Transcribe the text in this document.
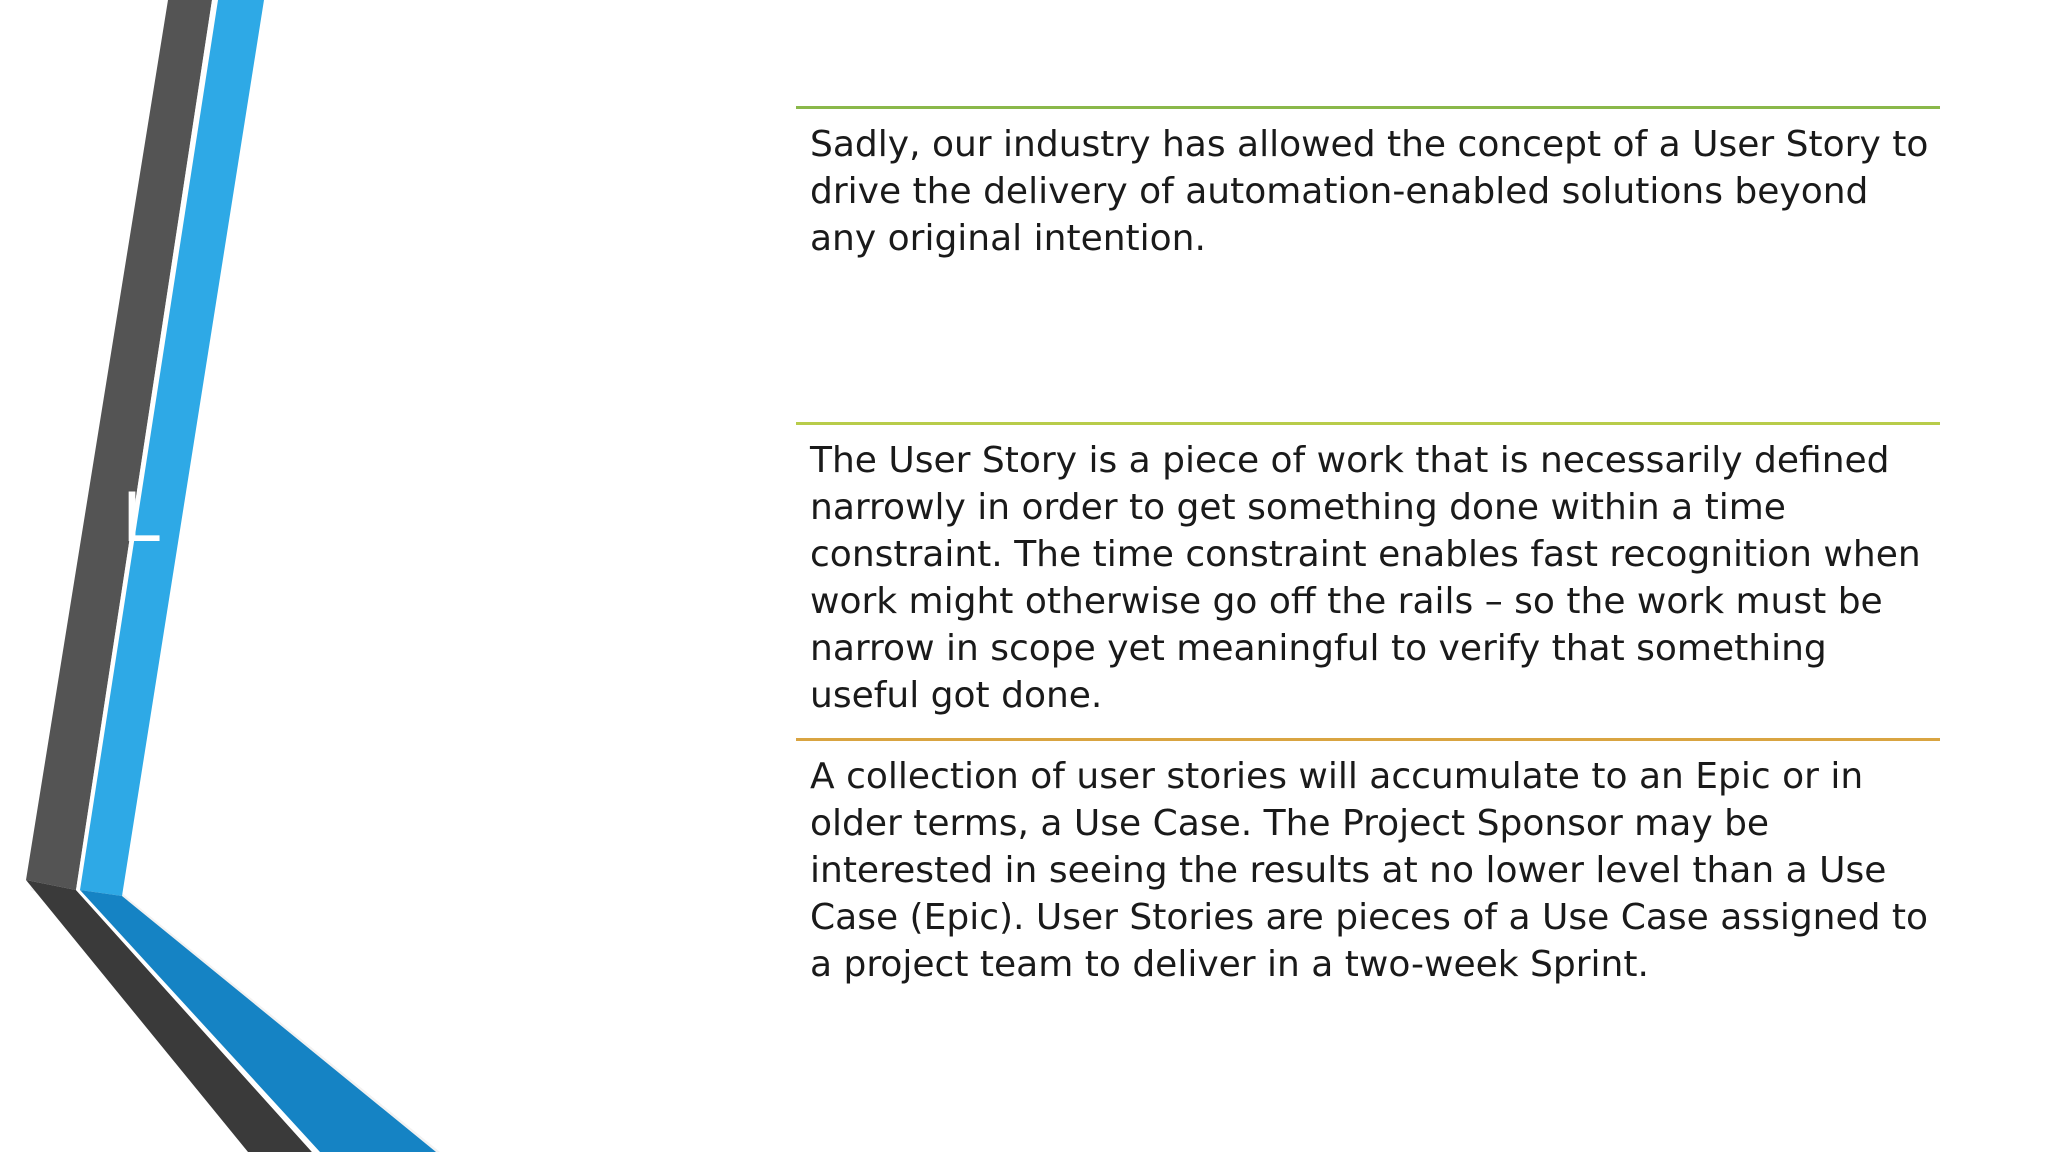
L
Sadly, our industry has allowed the concept of a User Story to drive the delivery of automation-enabled solutions beyond any original intention.
The User Story is a piece of work that is necessarily defined narrowly in order to get something done within a time constraint. The time constraint enables fast recognition when work might otherwise go off the rails – so the work must be narrow in scope yet meaningful to verify that something useful got done.
A collection of user stories will accumulate to an Epic or in older terms, a Use Case. The Project Sponsor may be interested in seeing the results at no lower level than a Use Case (Epic). User Stories are pieces of a Use Case assigned to a project team to deliver in a two-week Sprint.
